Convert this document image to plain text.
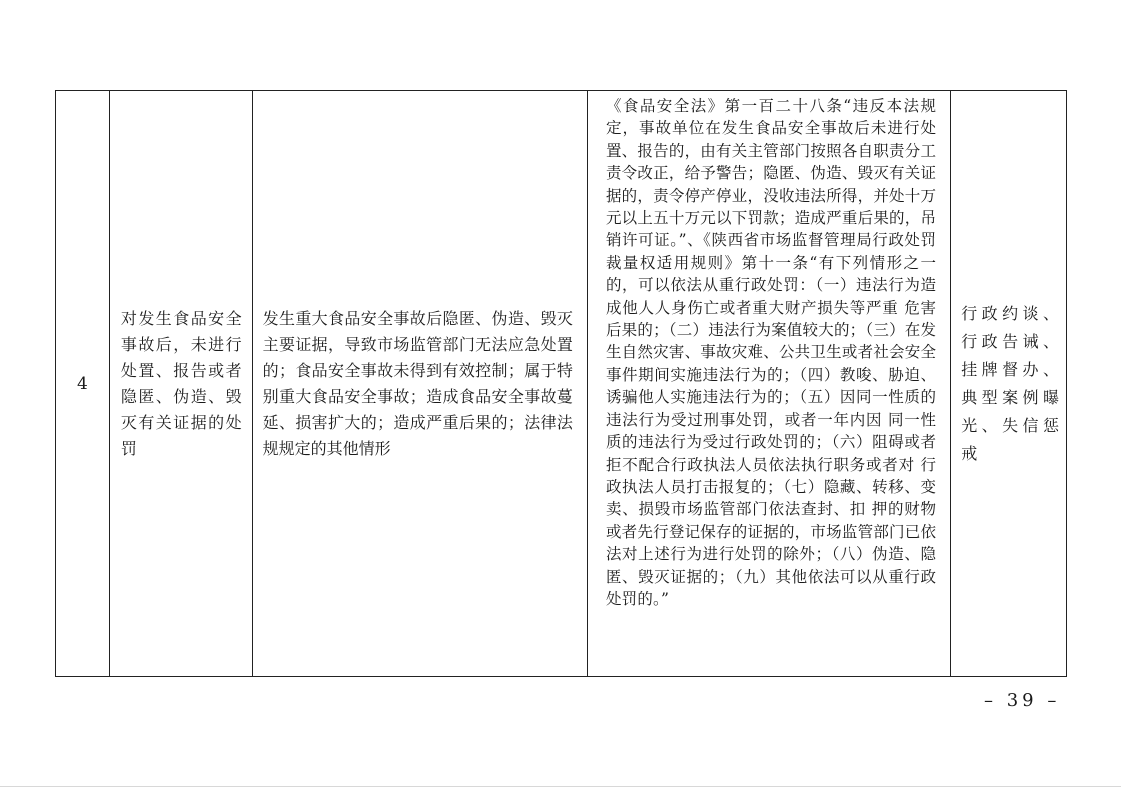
4
对发生食品安全事故后，未进行处置、报告或者隐匿、伪造、毁灭有关证据的处罚
发生重大食品安全事故后隐匿、伪造、毁灭主要证据，导致市场监管部门无法应急处置的；食品安全事故未得到有效控制；属于特别重大食品安全事故；造成食品安全事故蔓延、损害扩大的；造成严重后果的；法律法规规定的其他情形
《食品安全法》第一百二十八条“违反本法规定，事故单位在发生食品安全事故后未进行处置、报告的，由有关主管部门按照各自职责分工责令改正，给予警告；隐匿、伪造、毁灭有关证据的，责令停产停业，没收违法所得，并处十万元以上五十万元以下罚款；造成严重后果的，吊销许可证。”、《陕西省市场监督管理局行政处罚裁量权适用规则》第十一条“有下列情形之一的，可以依法从重行政处罚：（一）违法行为造成他人人身伤亡或者重大财产损失等严重 危害后果的；（二）违法行为案值较大的；（三）在发生自然灾害、事故灾难、公共卫生或者社会安全 事件期间实施违法行为的；（四）教唆、胁迫、诱骗他人实施违法行为的；（五）因同一性质的违法行为受过刑事处罚，或者一年内因 同一性质的违法行为受过行政处罚的；（六）阻碍或者拒不配合行政执法人员依法执行职务或者对 行政执法人员打击报复的；（七）隐藏、转移、变卖、损毁市场监管部门依法查封、扣 押的财物或者先行登记保存的证据的，市场监管部门已依法对上述行为进行处罚的除外；（八）伪造、隐匿、毁灭证据的；（九）其他依法可以从重行政处罚的。”
行政约谈、行政告诫、挂牌督办、典型案例曝光、失信惩戒
– 39 –
